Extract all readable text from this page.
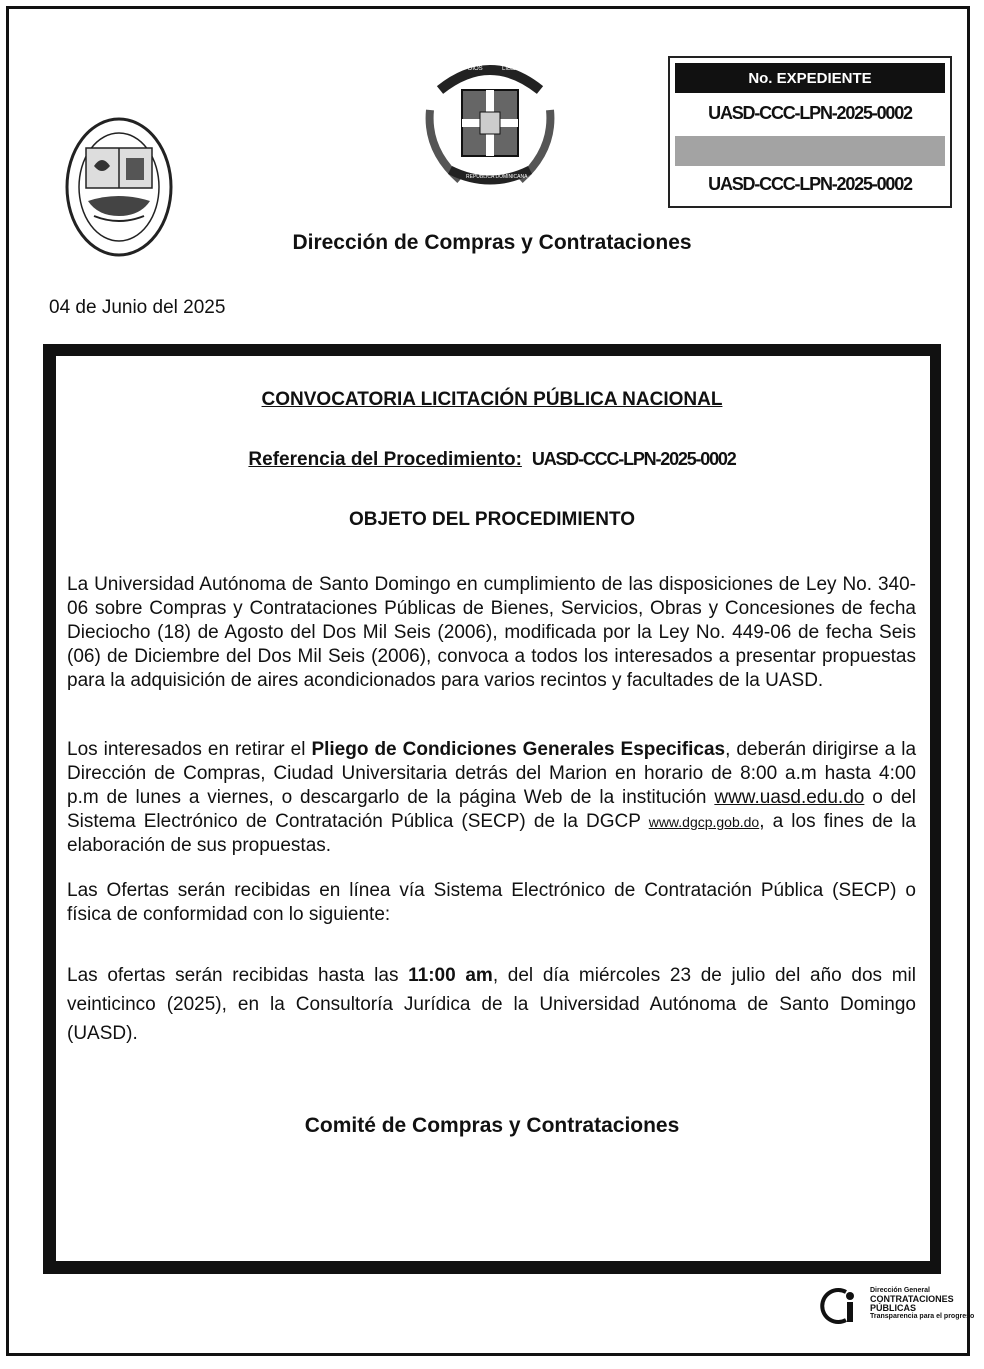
DIOS
PATRIA
LIBERTAD
REPÚBLICA DOMINICANA
No. EXPEDIENTE
UASD-CCC-LPN-2025-0002
UASD-CCC-LPN-2025-0002
Dirección de Compras y Contrataciones
04 de Junio del 2025
CONVOCATORIA LICITACIÓN PÚBLICA NACIONAL
Referencia del Procedimiento: UASD-CCC-LPN-2025-0002
OBJETO DEL PROCEDIMIENTO
La Universidad Autónoma de Santo Domingo en cumplimiento de las disposiciones de Ley No. 340-06 sobre Compras y Contrataciones Públicas de Bienes, Servicios, Obras y Concesiones de fecha Dieciocho (18) de Agosto del Dos Mil Seis (2006), modificada por la Ley No. 449-06 de fecha Seis (06) de Diciembre del Dos Mil Seis (2006), convoca a todos los interesados a presentar propuestas para la adquisición de aires acondicionados para varios recintos y facultades de la UASD.
Los interesados en retirar el Pliego de Condiciones Generales Especificas, deberán dirigirse a la Dirección de Compras, Ciudad Universitaria detrás del Marion en horario de 8:00 a.m hasta 4:00 p.m de lunes a viernes, o descargarlo de la página Web de la institución www.uasd.edu.do o del Sistema Electrónico de Contratación Pública (SECP) de la DGCP www.dgcp.gob.do, a los fines de la elaboración de sus propuestas.
Las Ofertas serán recibidas en línea vía Sistema Electrónico de Contratación Pública (SECP) o física de conformidad con lo siguiente:
Las ofertas serán recibidas hasta las 11:00 am, del día miércoles 23 de julio del año dos mil veinticinco (2025), en la Consultoría Jurídica de la Universidad Autónoma de Santo Domingo (UASD).
Comité de Compras y Contrataciones
Dirección General
CONTRATACIONES
PÚBLICAS
Transparencia para el progreso
